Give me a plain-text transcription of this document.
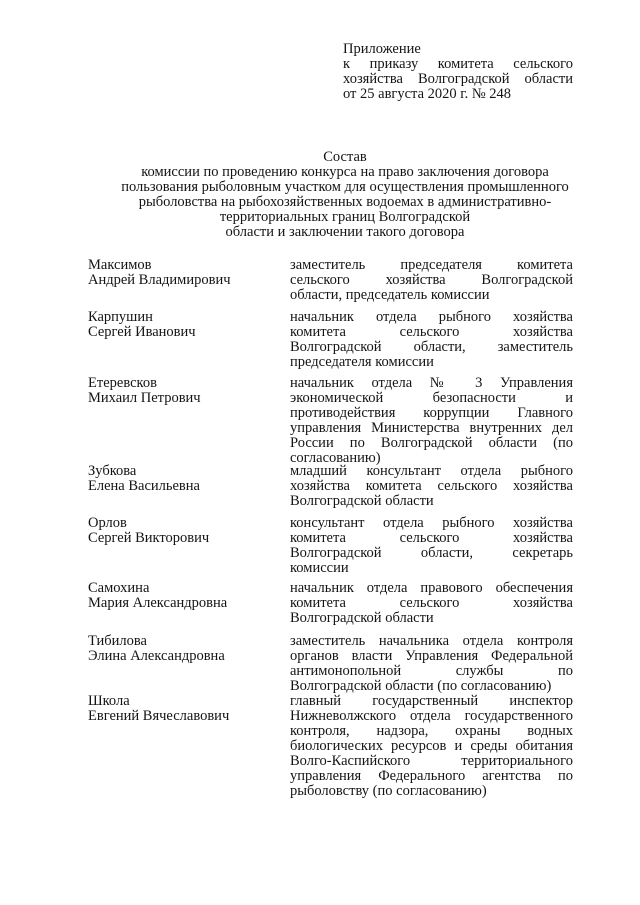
Приложение
к приказу комитета сельского
хозяйства Волгоградской области
от 25 августа 2020 г. № 248
Состав
комиссии по проведению конкурса на право заключения договора
пользования рыболовным участком для осуществления промышленного
рыболовства на рыбохозяйственных водоемах в административно-
территориальных границ Волгоградской
области и заключении такого договора
Максимов
Андрей Владимирович
заместитель председателя комитета
сельского хозяйства Волгоградской
области, председатель комиссии
Карпушин
Сергей Иванович
начальник отдела рыбного хозяйства
комитета сельского хозяйства
Волгоградской области, заместитель
председателя комиссии
Етеревсков
Михаил Петрович
начальник отдела № 3 Управления
экономической безопасности и
противодействия коррупции Главного
управления Министерства внутренних дел
России по Волгоградской области (по
согласованию)
Зубкова
Елена Васильевна
младший консультант отдела рыбного
хозяйства комитета сельского хозяйства
Волгоградской области
Орлов
Сергей Викторович
консультант отдела рыбного хозяйства
комитета сельского хозяйства
Волгоградской области, секретарь
комиссии
Самохина
Мария Александровна
начальник отдела правового обеспечения
комитета сельского хозяйства
Волгоградской области
Тибилова
Элина Александровна
заместитель начальника отдела контроля
органов власти Управления Федеральной
антимонопольной службы по
Волгоградской области (по согласованию)
Школа
Евгений Вячеславович
главный государственный инспектор
Нижневолжского отдела государственного
контроля, надзора, охраны водных
биологических ресурсов и среды обитания
Волго-Каспийского территориального
управления Федерального агентства по
рыболовству (по согласованию)
